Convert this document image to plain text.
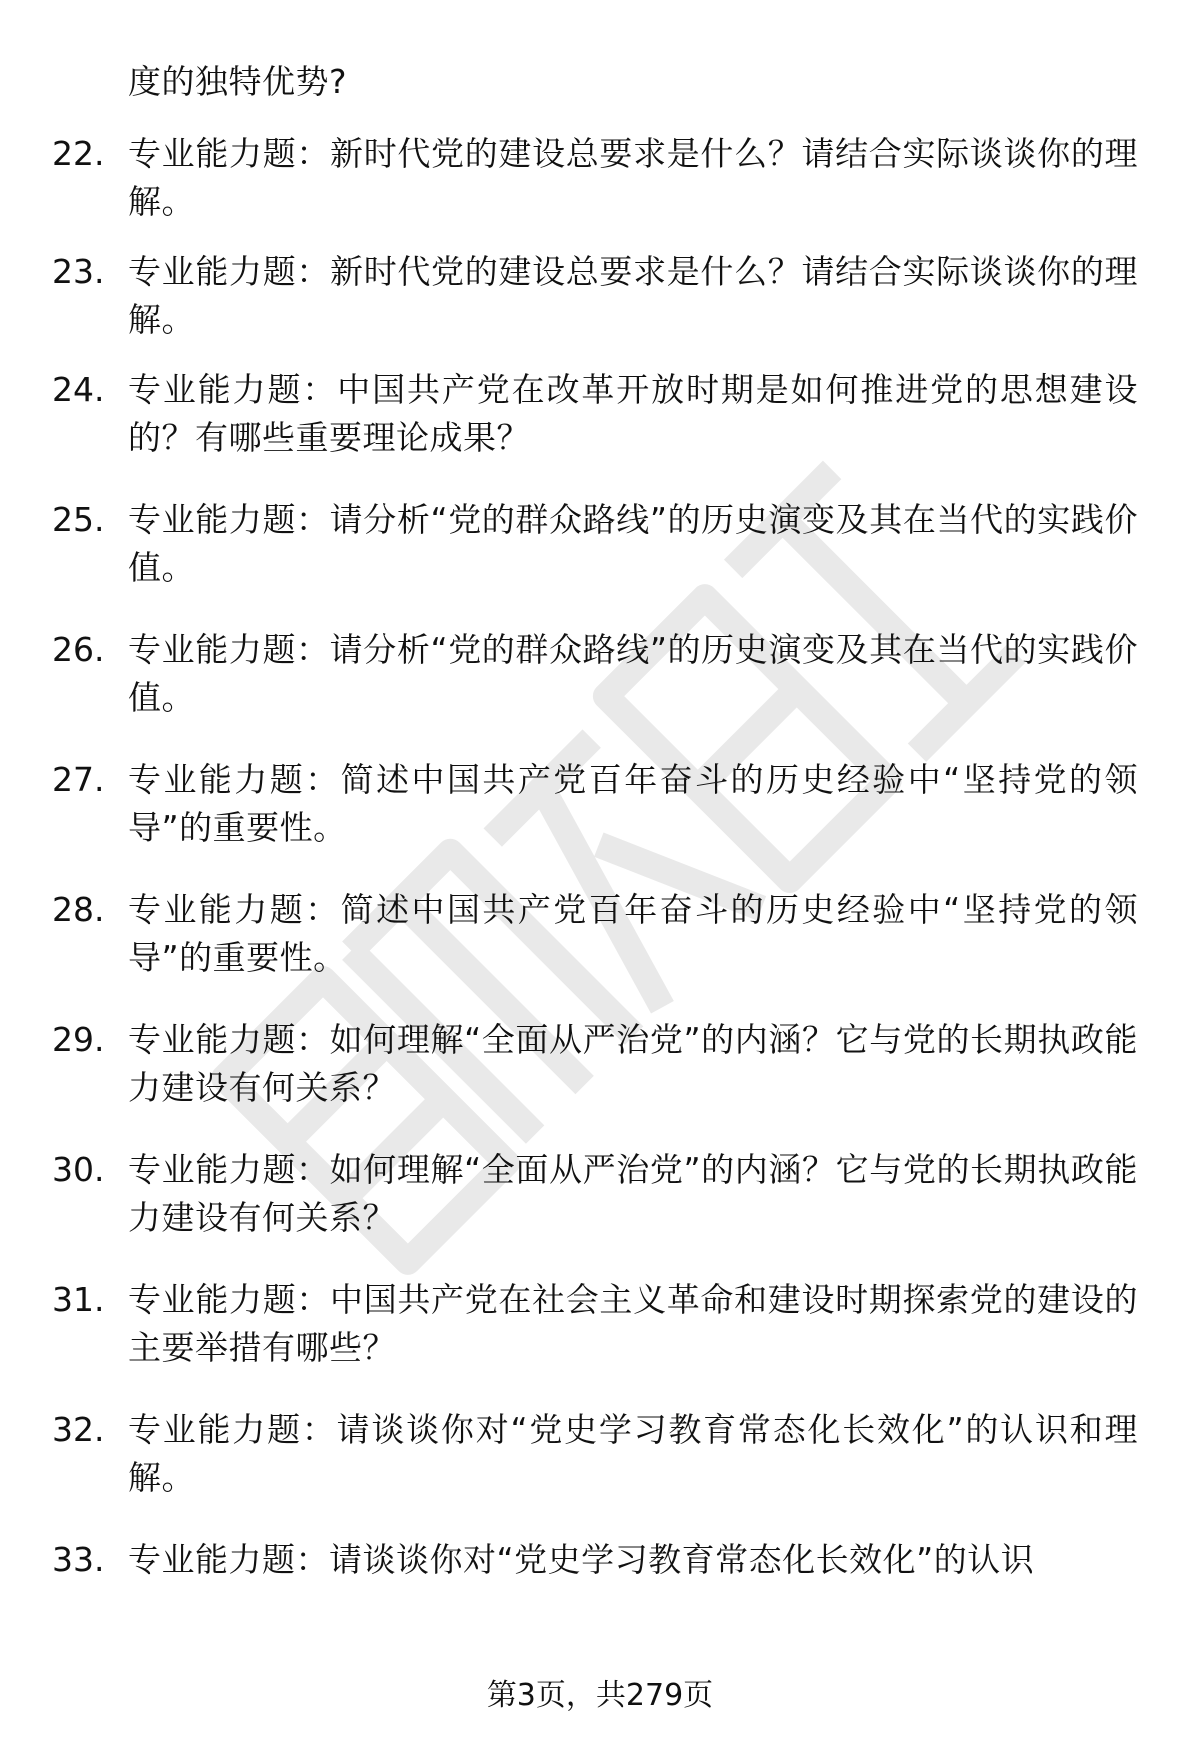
度的独特优势?
22. 专业能力题：新时代党的建设总要求是什么？请结合实际谈谈你的理解。
23. 专业能力题：新时代党的建设总要求是什么？请结合实际谈谈你的理解。
24. 专业能力题：中国共产党在改革开放时期是如何推进党的思想建设的？有哪些重要理论成果？
25. 专业能力题：请分析“党的群众路线”的历史演变及其在当代的实践价值。
26. 专业能力题：请分析“党的群众路线”的历史演变及其在当代的实践价值。
27. 专业能力题：简述中国共产党百年奋斗的历史经验中“坚持党的领导”的重要性。
28. 专业能力题：简述中国共产党百年奋斗的历史经验中“坚持党的领导”的重要性。
29. 专业能力题：如何理解“全面从严治党”的内涵？它与党的长期执政能力建设有何关系？
30. 专业能力题：如何理解“全面从严治党”的内涵？它与党的长期执政能力建设有何关系？
31. 专业能力题：中国共产党在社会主义革命和建设时期探索党的建设的主要举措有哪些？
32. 专业能力题：请谈谈你对“党史学习教育常态化长效化”的认识和理解。
33. 专业能力题：请谈谈你对“党史学习教育常态化长效化”的认识
第3页，共279页
